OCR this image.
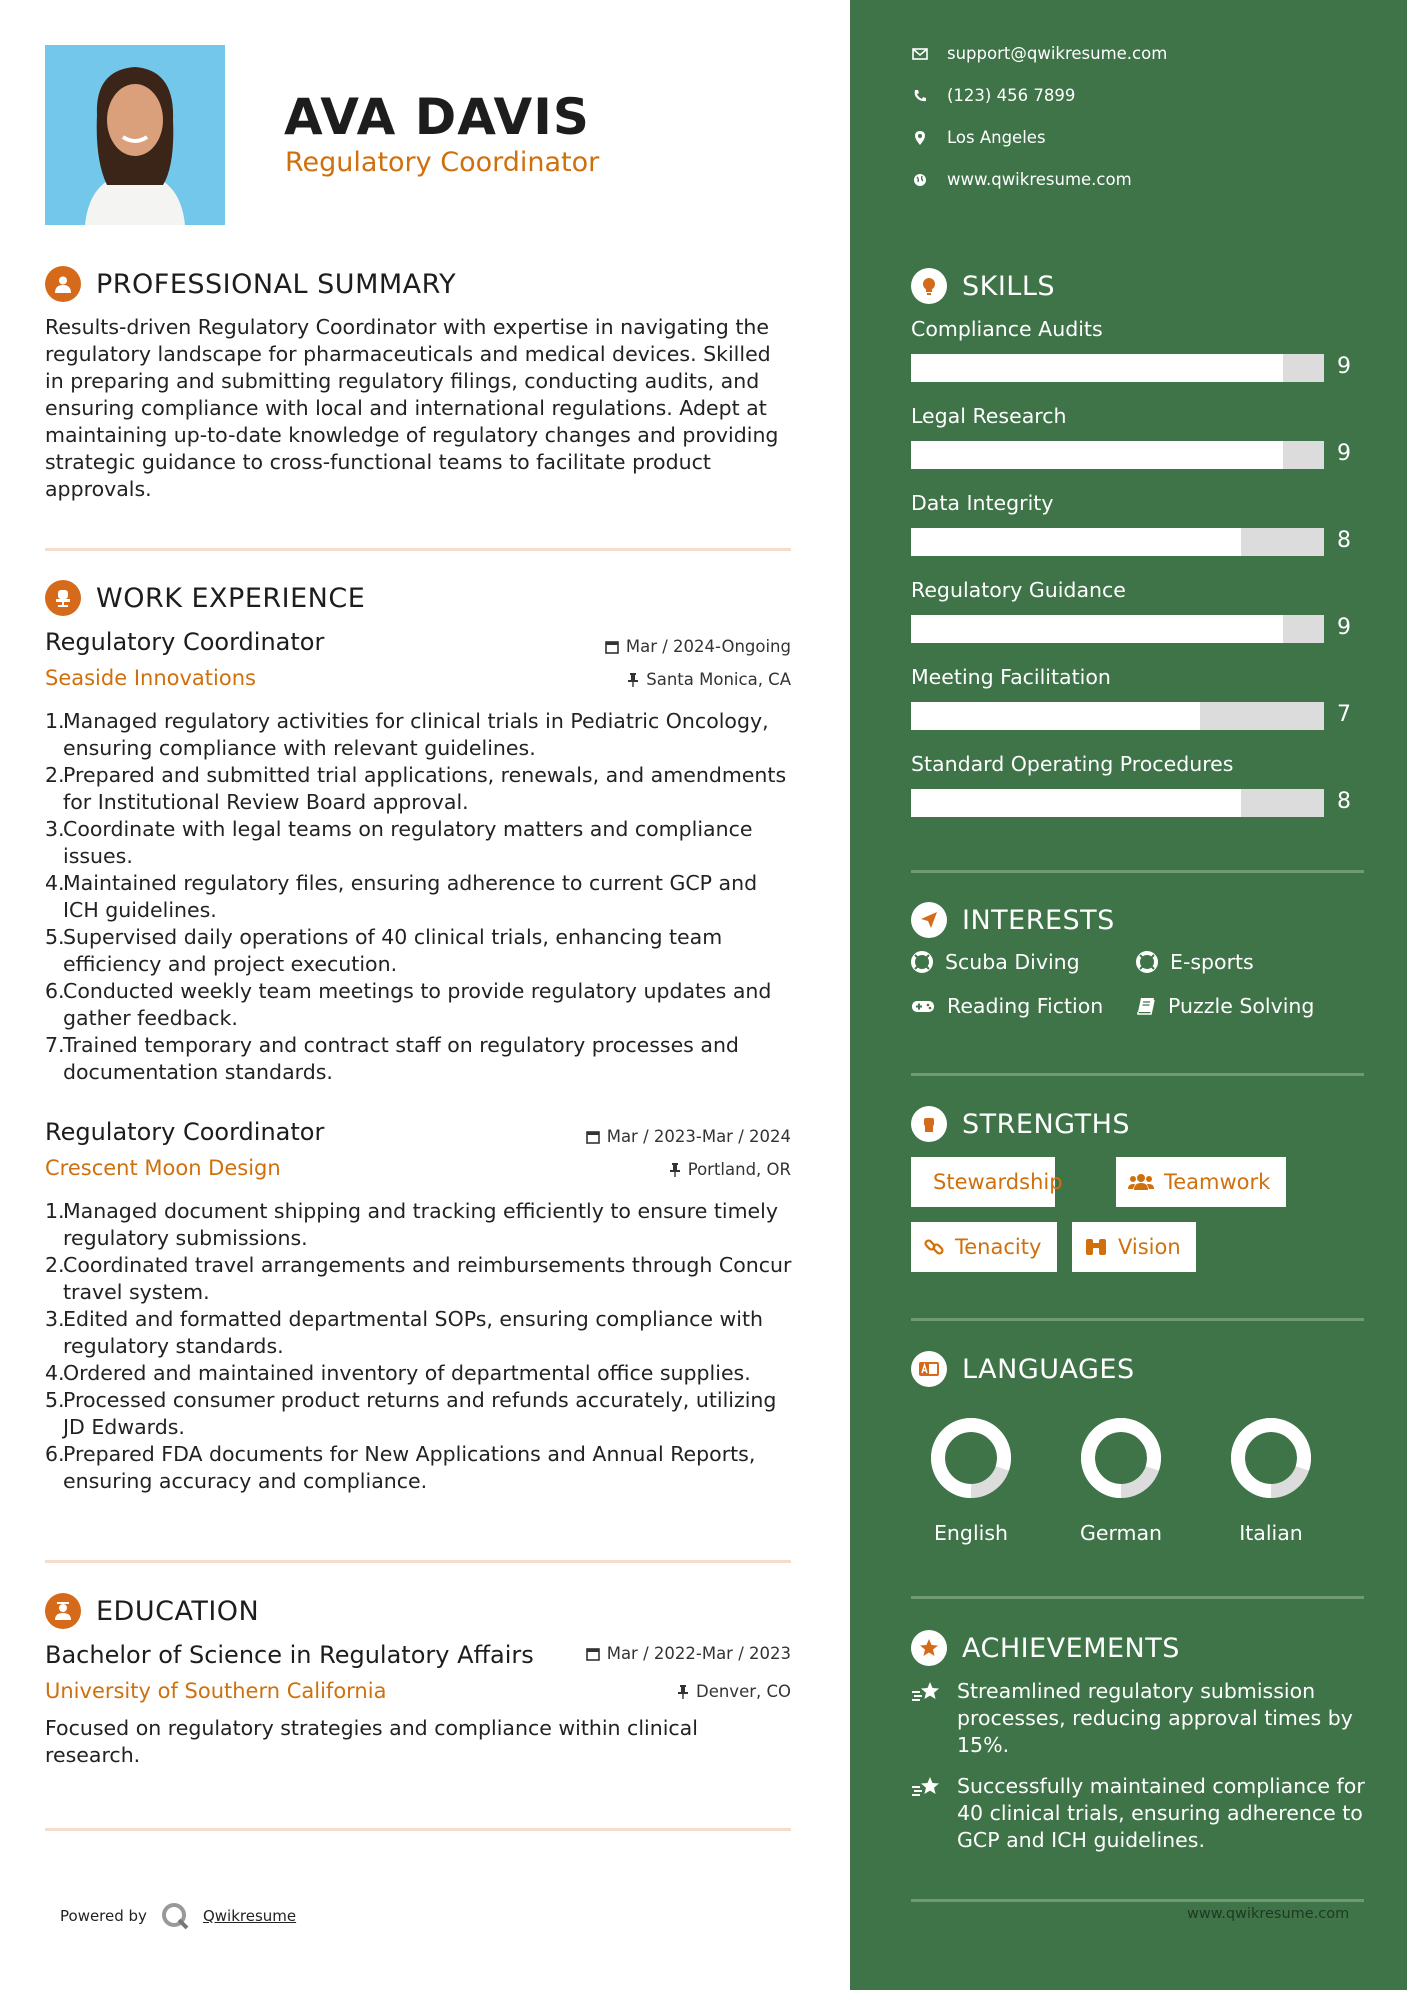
AVA DAVIS
Regulatory Coordinator
PROFESSIONAL SUMMARY
Results-driven Regulatory Coordinator with expertise in navigating the regulatory landscape for pharmaceuticals and medical devices. Skilled in preparing and submitting regulatory filings, conducting audits, and ensuring compliance with local and international regulations. Adept at maintaining up-to-date knowledge of regulatory changes and providing strategic guidance to cross-functional teams to facilitate product approvals.
WORK EXPERIENCE
Regulatory Coordinator	Mar / 2024-Ongoing
Seaside Innovations	Santa Monica, CA
1.
Managed regulatory activities for clinical trials in Pediatric Oncology, ensuring compliance with relevant guidelines.
2.
Prepared and submitted trial applications, renewals, and amendments for Institutional Review Board approval.
3.
Coordinate with legal teams on regulatory matters and compliance issues.
4.
Maintained regulatory files, ensuring adherence to current GCP and ICH guidelines.
5.
Supervised daily operations of 40 clinical trials, enhancing team efficiency and project execution.
6.
Conducted weekly team meetings to provide regulatory updates and gather feedback.
7.
Trained temporary and contract staff on regulatory processes and documentation standards.
Regulatory Coordinator	Mar / 2023-Mar / 2024
Crescent Moon Design	Portland, OR
1.
Managed document shipping and tracking efficiently to ensure timely regulatory submissions.
2.
Coordinated travel arrangements and reimbursements through Concur travel system.
3.
Edited and formatted departmental SOPs, ensuring compliance with regulatory standards.
4.
Ordered and maintained inventory of departmental office supplies.
5.
Processed consumer product returns and refunds accurately, utilizing JD Edwards.
6.
Prepared FDA documents for New Applications and Annual Reports, ensuring accuracy and compliance.
EDUCATION
Bachelor of Science in Regulatory Affairs	Mar / 2022-Mar / 2023
University of Southern California	Denver, CO
Focused on regulatory strategies and compliance within clinical research.
Powered by	Qwikresume
support@qwikresume.com
(123) 456 7899
Los Angeles
www.qwikresume.com
SKILLS
Compliance Audits
9
Legal Research
9
Data Integrity
8
Regulatory Guidance
9
Meeting Facilitation
7
Standard Operating Procedures
8
INTERESTS
Scuba Diving	E-sports
Reading Fiction	Puzzle Solving
STRENGTHS
Stewardship	Teamwork
Tenacity	Vision
LANGUAGES
English	German	Italian
ACHIEVEMENTS
Streamlined regulatory submission processes, reducing approval times by 15%.
Successfully maintained compliance for 40 clinical trials, ensuring adherence to GCP and ICH guidelines.
www.qwikresume.com
